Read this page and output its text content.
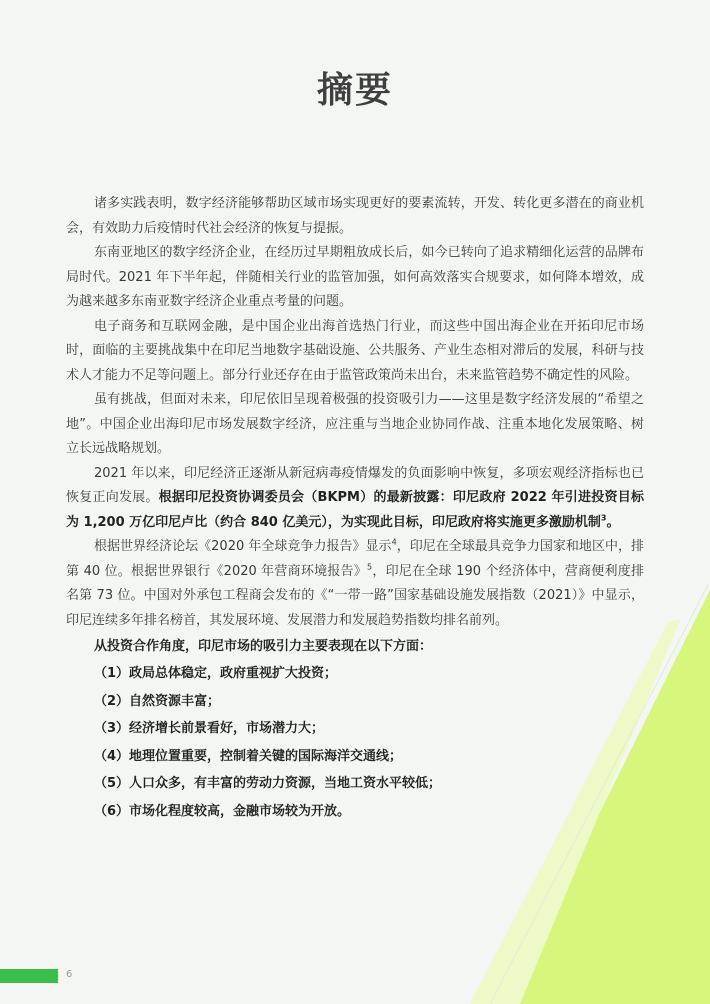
摘要

诸多实践表明，数字经济能够帮助区域市场实现更好的要素流转，开发、转化更多潜在的商业机会，有效助力后疫情时代社会经济的恢复与提振。

东南亚地区的数字经济企业，在经历过早期粗放成长后，如今已转向了追求精细化运营的品牌布局时代。2021 年下半年起，伴随相关行业的监管加强，如何高效落实合规要求，如何降本增效，成为越来越多东南亚数字经济企业重点考量的问题。

电子商务和互联网金融，是中国企业出海首选热门行业，而这些中国出海企业在开拓印尼市场时，面临的主要挑战集中在印尼当地数字基础设施、公共服务、产业生态相对滞后的发展，科研与技术人才能力不足等问题上。部分行业还存在由于监管政策尚未出台，未来监管趋势不确定性的风险。

虽有挑战，但面对未来，印尼依旧呈现着极强的投资吸引力——这里是数字经济发展的“希望之地”。中国企业出海印尼市场发展数字经济，应注重与当地企业协同作战、注重本地化发展策略、树立长远战略规划。

2021 年以来，印尼经济正逐渐从新冠病毒疫情爆发的负面影响中恢复，多项宏观经济指标也已恢复正向发展。根据印尼投资协调委员会（BKPM）的最新披露：印尼政府 2022 年引进投资目标为 1,200 万亿印尼卢比（约合 840 亿美元），为实现此目标，印尼政府将实施更多激励机制$^3$。

根据世界经济论坛《2020 年全球竞争力报告》显示$^4$，印尼在全球最具竞争力国家和地区中，排第 40 位。根据世界银行《2020 年营商环境报告》$^5$，印尼在全球 190 个经济体中，营商便利度排名第 73 位。中国对外承包工程商会发布的《“一带一路”国家基础设施发展指数（2021）》中显示，印尼连续多年排名榜首，其发展环境、发展潜力和发展趋势指数均排名前列。

从投资合作角度，印尼市场的吸引力主要表现在以下方面：

（1）政局总体稳定，政府重视扩大投资；
（2）自然资源丰富；
（3）经济增长前景看好，市场潜力大；
（4）地理位置重要，控制着关键的国际海洋交通线；
（5）人口众多，有丰富的劳动力资源，当地工资水平较低；
（6）市场化程度较高，金融市场较为开放。
6
